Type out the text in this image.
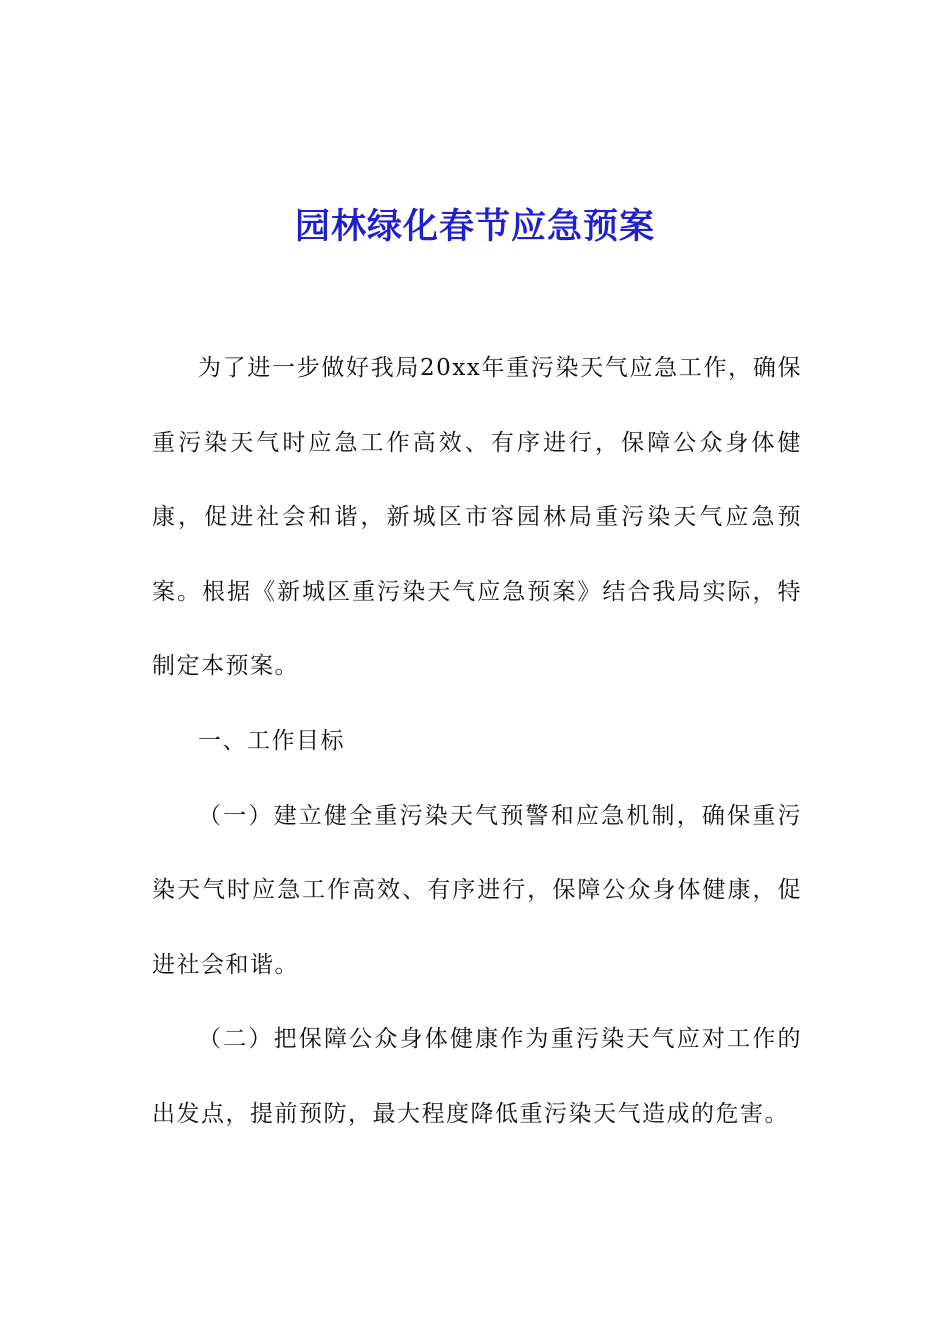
园林绿化春节应急预案

为了进一步做好我局20xx年重污染天气应急工作，确保重污染天气时应急工作高效、有序进行，保障公众身体健康，促进社会和谐，新城区市容园林局重污染天气应急预案。根据《新城区重污染天气应急预案》结合我局实际，特制定本预案。

一、工作目标

（一）建立健全重污染天气预警和应急机制，确保重污染天气时应急工作高效、有序进行，保障公众身体健康，促进社会和谐。

（二）把保障公众身体健康作为重污染天气应对工作的出发点，提前预防，最大程度降低重污染天气造成的危害。
